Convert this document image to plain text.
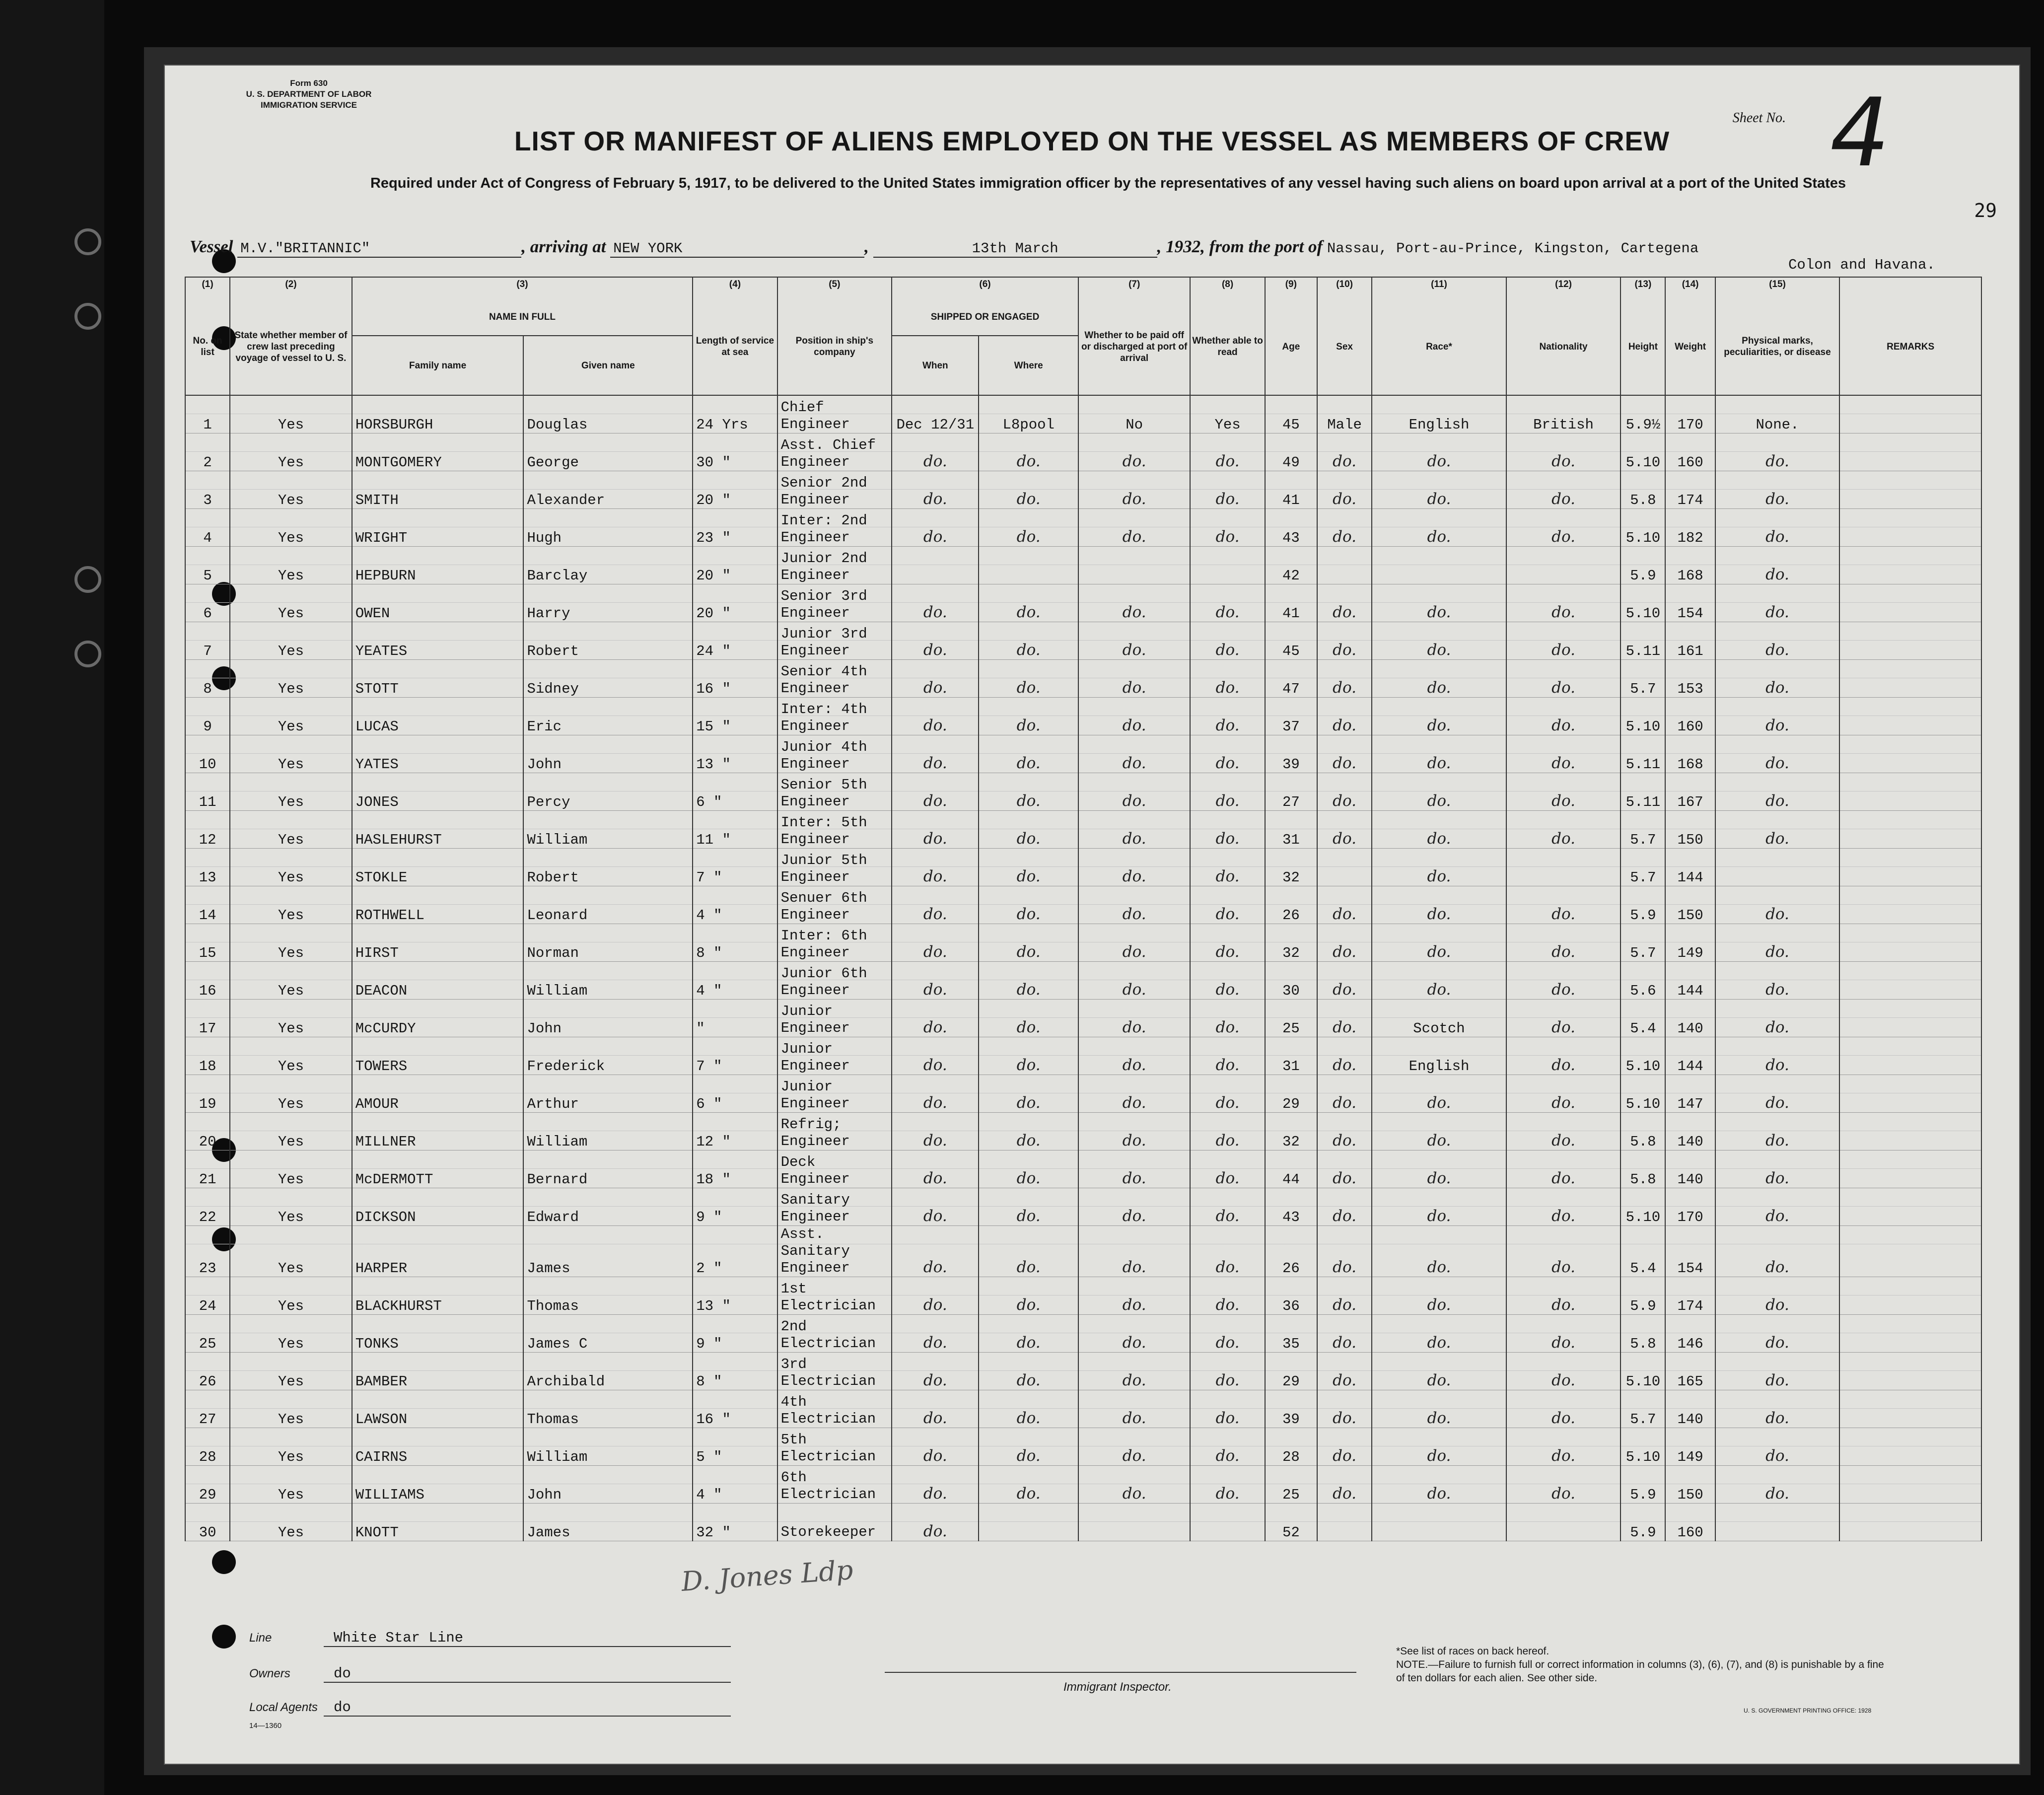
Form 630
U. S. DEPARTMENT OF LABOR
IMMIGRATION SERVICE
LIST OR MANIFEST OF ALIENS EMPLOYED ON THE VESSEL AS MEMBERS OF CREW
Required under Act of Congress of February 5, 1917, to be delivered to the United States immigration officer by the representatives of any vessel having such aliens on board upon arrival at a port of the United States
Sheet No. 4
29
Vessel M.V."BRITANNIC"	, arriving at NEW YORK	,	13th March	, 1932, from the port of Nassau, Port-au-Prince, Kingston, Cartegena
Colon and Havana.
(1)	(2)	(3)		(4)	(5)	(6)		(7)	(8)	(9)	(10)	(11)	(12)	(13)	(14)	(15)	
No. on list	State whether member of crew last preceding voyage of vessel to U. S.	NAME IN FULL		Length of service at sea	Position in ship's company	SHIPPED OR ENGAGED		Whether to be paid off or discharged at port of arrival	Whether able to read	Age	Sex	Race*	Nationality	Height	Weight	Physical marks, peculiarities, or disease	REMARKS
		Family name	Given name			When	Where										
1	Yes	HORSBURGH	Douglas	24 Yrs	Chief
Engineer	Dec 12/31	L8pool	No	Yes	45	Male	English	British	5.9½	170	None.	
2	Yes	MONTGOMERY	George	30 "	Asst. Chief
Engineer	do.	do.	do.	do.	49	do.	do.	do.	5.10	160	do.	
3	Yes	SMITH	Alexander	20 "	Senior 2nd
Engineer	do.	do.	do.	do.	41	do.	do.	do.	5.8	174	do.	
4	Yes	WRIGHT	Hugh	23 "	Inter: 2nd
Engineer	do.	do.	do.	do.	43	do.	do.	do.	5.10	182	do.	
5	Yes	HEPBURN	Barclay	20 "	Junior 2nd
Engineer					42				5.9	168	do.	
6	Yes	OWEN	Harry	20 "	Senior 3rd
Engineer	do.	do.	do.	do.	41	do.	do.	do.	5.10	154	do.	
7	Yes	YEATES	Robert	24 "	Junior 3rd
Engineer	do.	do.	do.	do.	45	do.	do.	do.	5.11	161	do.	
8	Yes	STOTT	Sidney	16 "	Senior 4th
Engineer	do.	do.	do.	do.	47	do.	do.	do.	5.7	153	do.	
9	Yes	LUCAS	Eric	15 "	Inter: 4th
Engineer	do.	do.	do.	do.	37	do.	do.	do.	5.10	160	do.	
10	Yes	YATES	John	13 "	Junior 4th
Engineer	do.	do.	do.	do.	39	do.	do.	do.	5.11	168	do.	
11	Yes	JONES	Percy	6 "	Senior 5th
Engineer	do.	do.	do.	do.	27	do.	do.	do.	5.11	167	do.	
12	Yes	HASLEHURST	William	11 "	Inter: 5th
Engineer	do.	do.	do.	do.	31	do.	do.	do.	5.7	150	do.	
13	Yes	STOKLE	Robert	7 "	Junior 5th
Engineer	do.	do.	do.	do.	32		do.		5.7	144		
14	Yes	ROTHWELL	Leonard	4 "	Senuer 6th
Engineer	do.	do.	do.	do.	26	do.	do.	do.	5.9	150	do.	
15	Yes	HIRST	Norman	8 "	Inter: 6th
Engineer	do.	do.	do.	do.	32	do.	do.	do.	5.7	149	do.	
16	Yes	DEACON	William	4 "	Junior 6th
Engineer	do.	do.	do.	do.	30	do.	do.	do.	5.6	144	do.	
17	Yes	McCURDY	John	"	Junior
Engineer	do.	do.	do.	do.	25	do.	Scotch	do.	5.4	140	do.	
18	Yes	TOWERS	Frederick	7 "	Junior
Engineer	do.	do.	do.	do.	31	do.	English	do.	5.10	144	do.	
19	Yes	AMOUR	Arthur	6 "	Junior
Engineer	do.	do.	do.	do.	29	do.	do.	do.	5.10	147	do.	
20	Yes	MILLNER	William	12 "	Refrig;
Engineer	do.	do.	do.	do.	32	do.	do.	do.	5.8	140	do.	
21	Yes	McDERMOTT	Bernard	18 "	Deck
Engineer	do.	do.	do.	do.	44	do.	do.	do.	5.8	140	do.	
22	Yes	DICKSON	Edward	9 "	Sanitary
Engineer	do.	do.	do.	do.	43	do.	do.	do.	5.10	170	do.	
23	Yes	HARPER	James	2 "	Asst. Sanitary
Engineer	do.	do.	do.	do.	26	do.	do.	do.	5.4	154	do.	
24	Yes	BLACKHURST	Thomas	13 "	1st
Electrician	do.	do.	do.	do.	36	do.	do.	do.	5.9	174	do.	
25	Yes	TONKS	James C	9 "	2nd
Electrician	do.	do.	do.	do.	35	do.	do.	do.	5.8	146	do.	
26	Yes	BAMBER	Archibald	8 "	3rd
Electrician	do.	do.	do.	do.	29	do.	do.	do.	5.10	165	do.	
27	Yes	LAWSON	Thomas	16 "	4th
Electrician	do.	do.	do.	do.	39	do.	do.	do.	5.7	140	do.	
28	Yes	CAIRNS	William	5 "	5th
Electrician	do.	do.	do.	do.	28	do.	do.	do.	5.10	149	do.	
29	Yes	WILLIAMS	John	4 "	6th
Electrician	do.	do.	do.	do.	25	do.	do.	do.	5.9	150	do.	
30	Yes	KNOTT	James	32 "	Storekeeper	do.				52				5.9	160		
Line	White Star Line
Owners	do
Local Agents do
14—1360
Immigrant Inspector.
*See list of races on back hereof.
NOTE.—Failure to furnish full or correct information in columns (3), (6), (7), and (8) is punishable by a fine of ten dollars for each alien. See other side.
U. S. GOVERNMENT PRINTING OFFICE: 1928
D. Jones Ldp
